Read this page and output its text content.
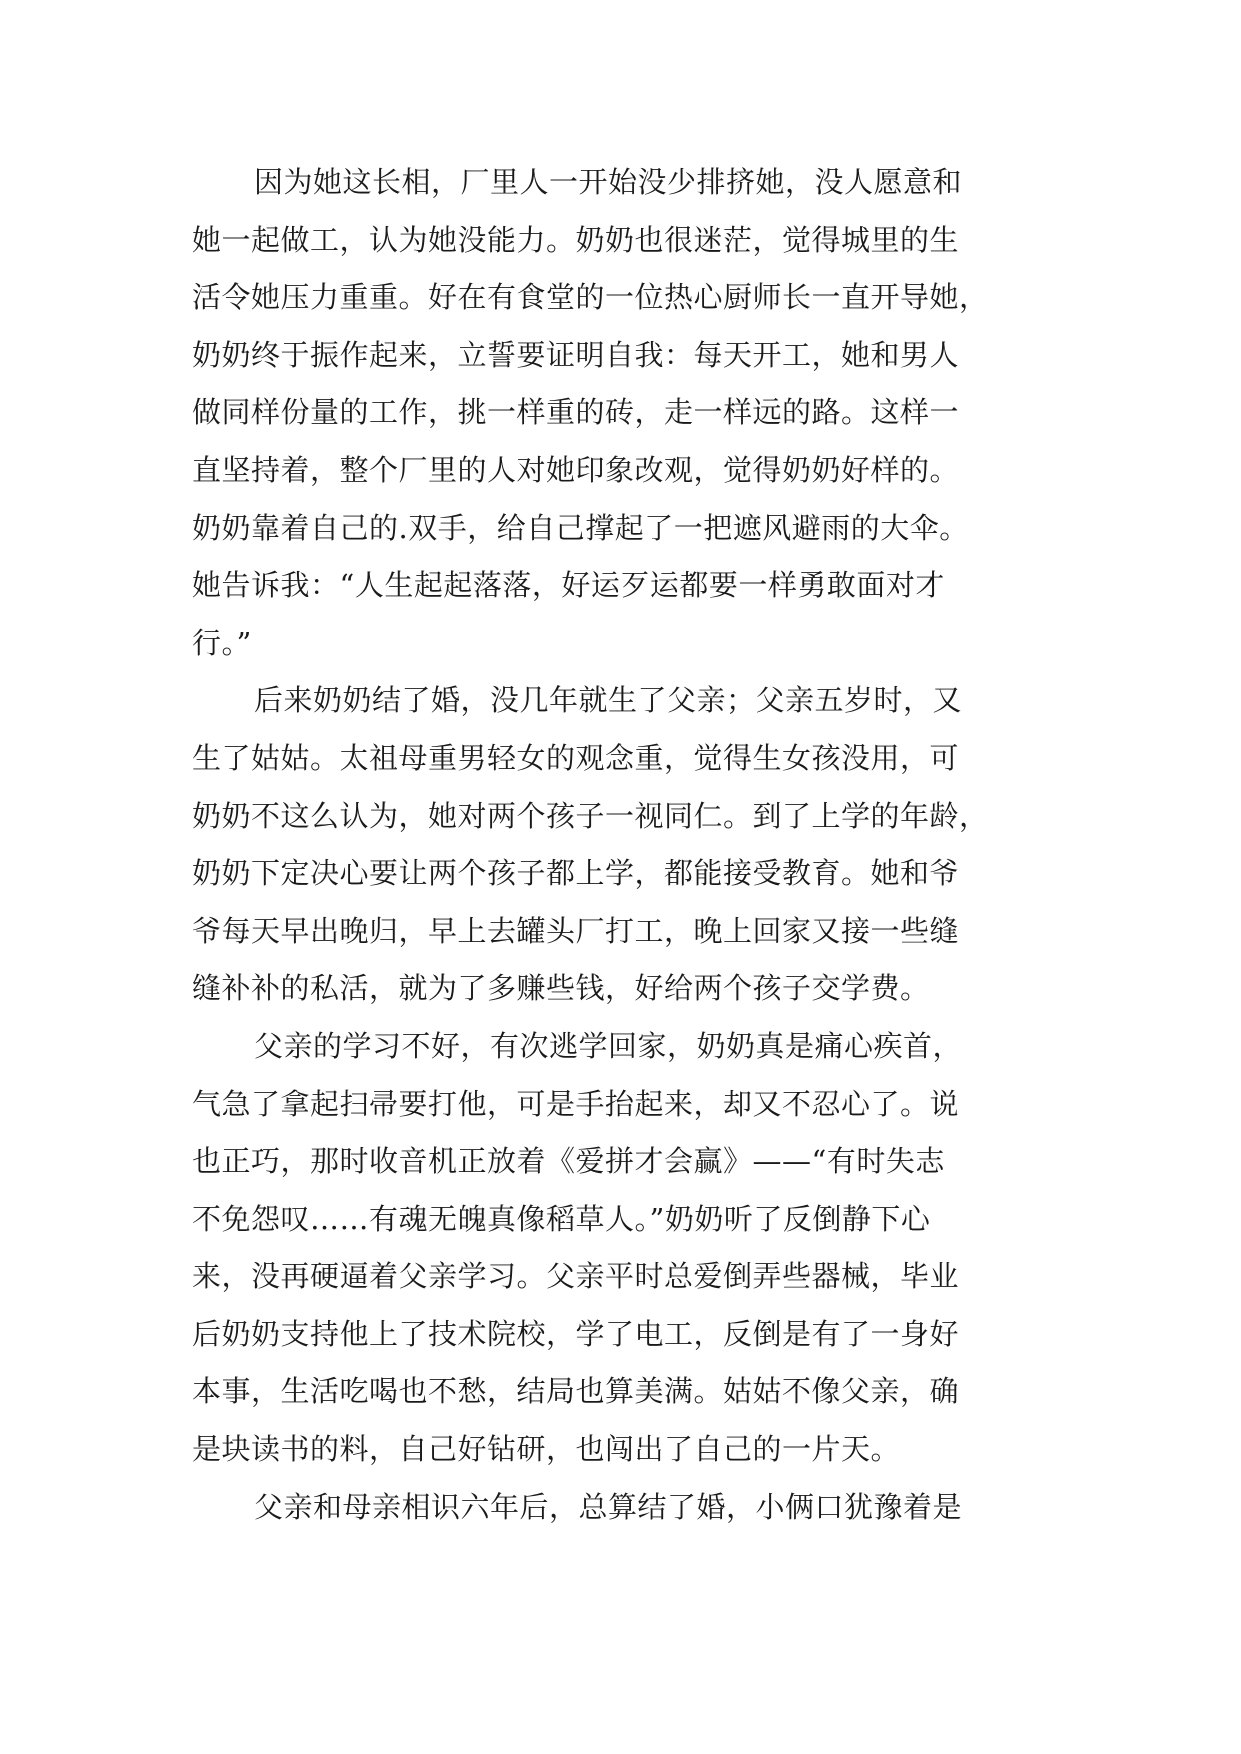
因为她这长相，厂里人一开始没少排挤她，没人愿意和
她一起做工，认为她没能力。奶奶也很迷茫，觉得城里的生
活令她压力重重。好在有食堂的一位热心厨师长一直开导她，
奶奶终于振作起来，立誓要证明自我：每天开工，她和男人
做同样份量的工作，挑一样重的砖，走一样远的路。这样一
直坚持着，整个厂里的人对她印象改观，觉得奶奶好样的。
奶奶靠着自己的.双手，给自己撑起了一把遮风避雨的大伞。
她告诉我：“人生起起落落，好运歹运都要一样勇敢面对才
行。”
后来奶奶结了婚，没几年就生了父亲；父亲五岁时，又
生了姑姑。太祖母重男轻女的观念重，觉得生女孩没用，可
奶奶不这么认为，她对两个孩子一视同仁。到了上学的年龄，
奶奶下定决心要让两个孩子都上学，都能接受教育。她和爷
爷每天早出晚归，早上去罐头厂打工，晚上回家又接一些缝
缝补补的私活，就为了多赚些钱，好给两个孩子交学费。
父亲的学习不好，有次逃学回家，奶奶真是痛心疾首，
气急了拿起扫帚要打他，可是手抬起来，却又不忍心了。说
也正巧，那时收音机正放着《爱拼才会赢》——“有时失志
不免怨叹……有魂无魄真像稻草人。”奶奶听了反倒静下心
来，没再硬逼着父亲学习。父亲平时总爱倒弄些器械，毕业
后奶奶支持他上了技术院校，学了电工，反倒是有了一身好
本事，生活吃喝也不愁，结局也算美满。姑姑不像父亲，确
是块读书的料，自己好钻研，也闯出了自己的一片天。
父亲和母亲相识六年后，总算结了婚，小俩口犹豫着是
